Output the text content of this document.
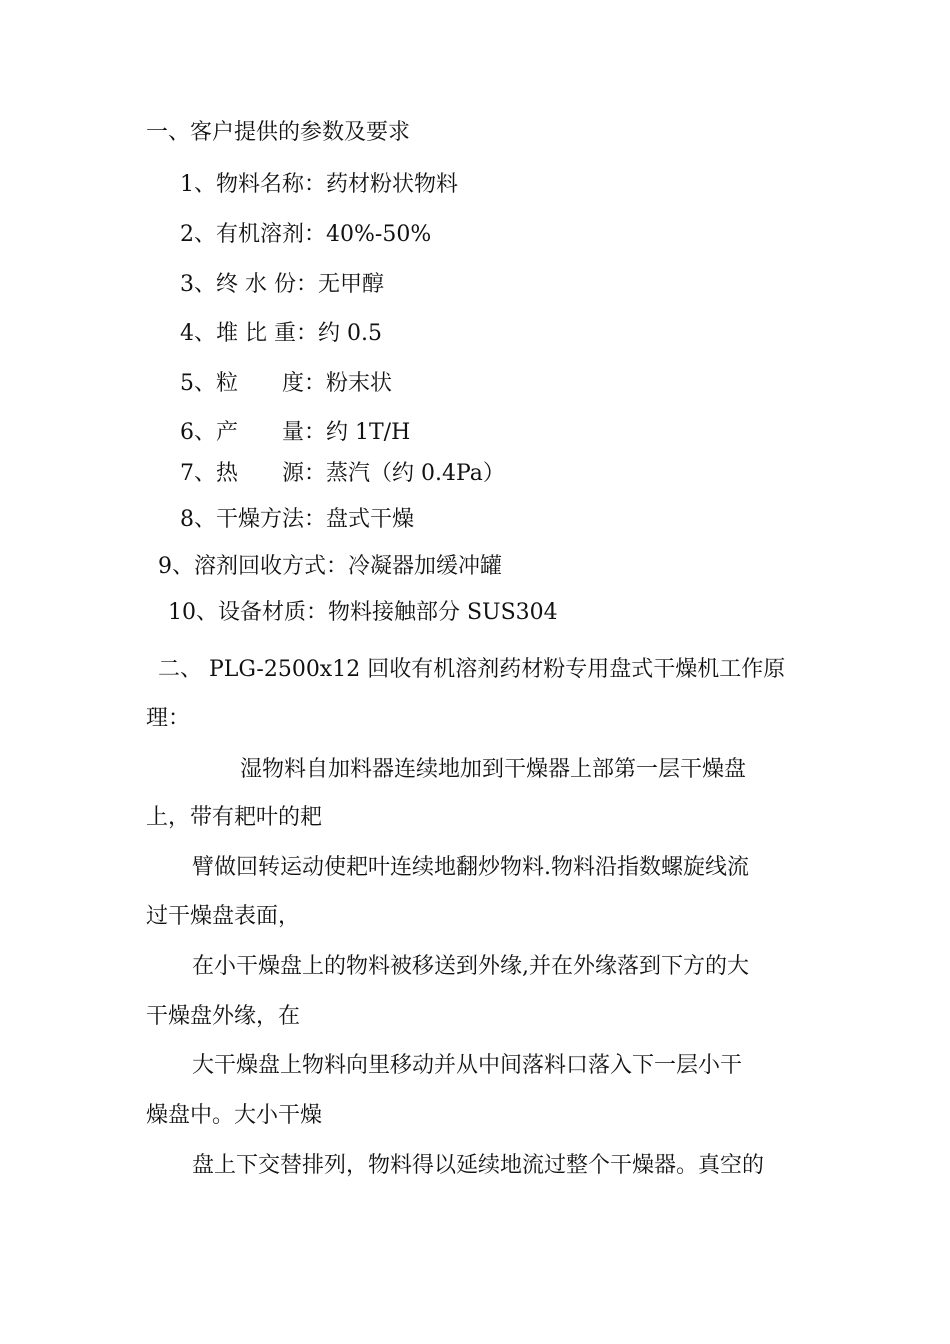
一、客户提供的参数及要求
1、物料名称：药材粉状物料
2、有机溶剂：40%-50%
3、终 水 份：无甲醇
4、堆 比 重：约 0.5
5、粒　　度：粉末状
6、产　　量：约 1T/H
7、热　　源：蒸汽（约 0.4Pa）
8、干燥方法：盘式干燥
9、溶剂回收方式：冷凝器加缓冲罐
10、设备材质：物料接触部分 SUS304
二、 PLG-2500x12 回收有机溶剂药材粉专用盘式干燥机工作原
理：
湿物料自加料器连续地加到干燥器上部第一层干燥盘
上，带有耙叶的耙
臂做回转运动使耙叶连续地翻炒物料.物料沿指数螺旋线流
过干燥盘表面，
在小干燥盘上的物料被移送到外缘,并在外缘落到下方的大
干燥盘外缘，在
大干燥盘上物料向里移动并从中间落料口落入下一层小干
燥盘中。大小干燥
盘上下交替排列，物料得以延续地流过整个干燥器。真空的
